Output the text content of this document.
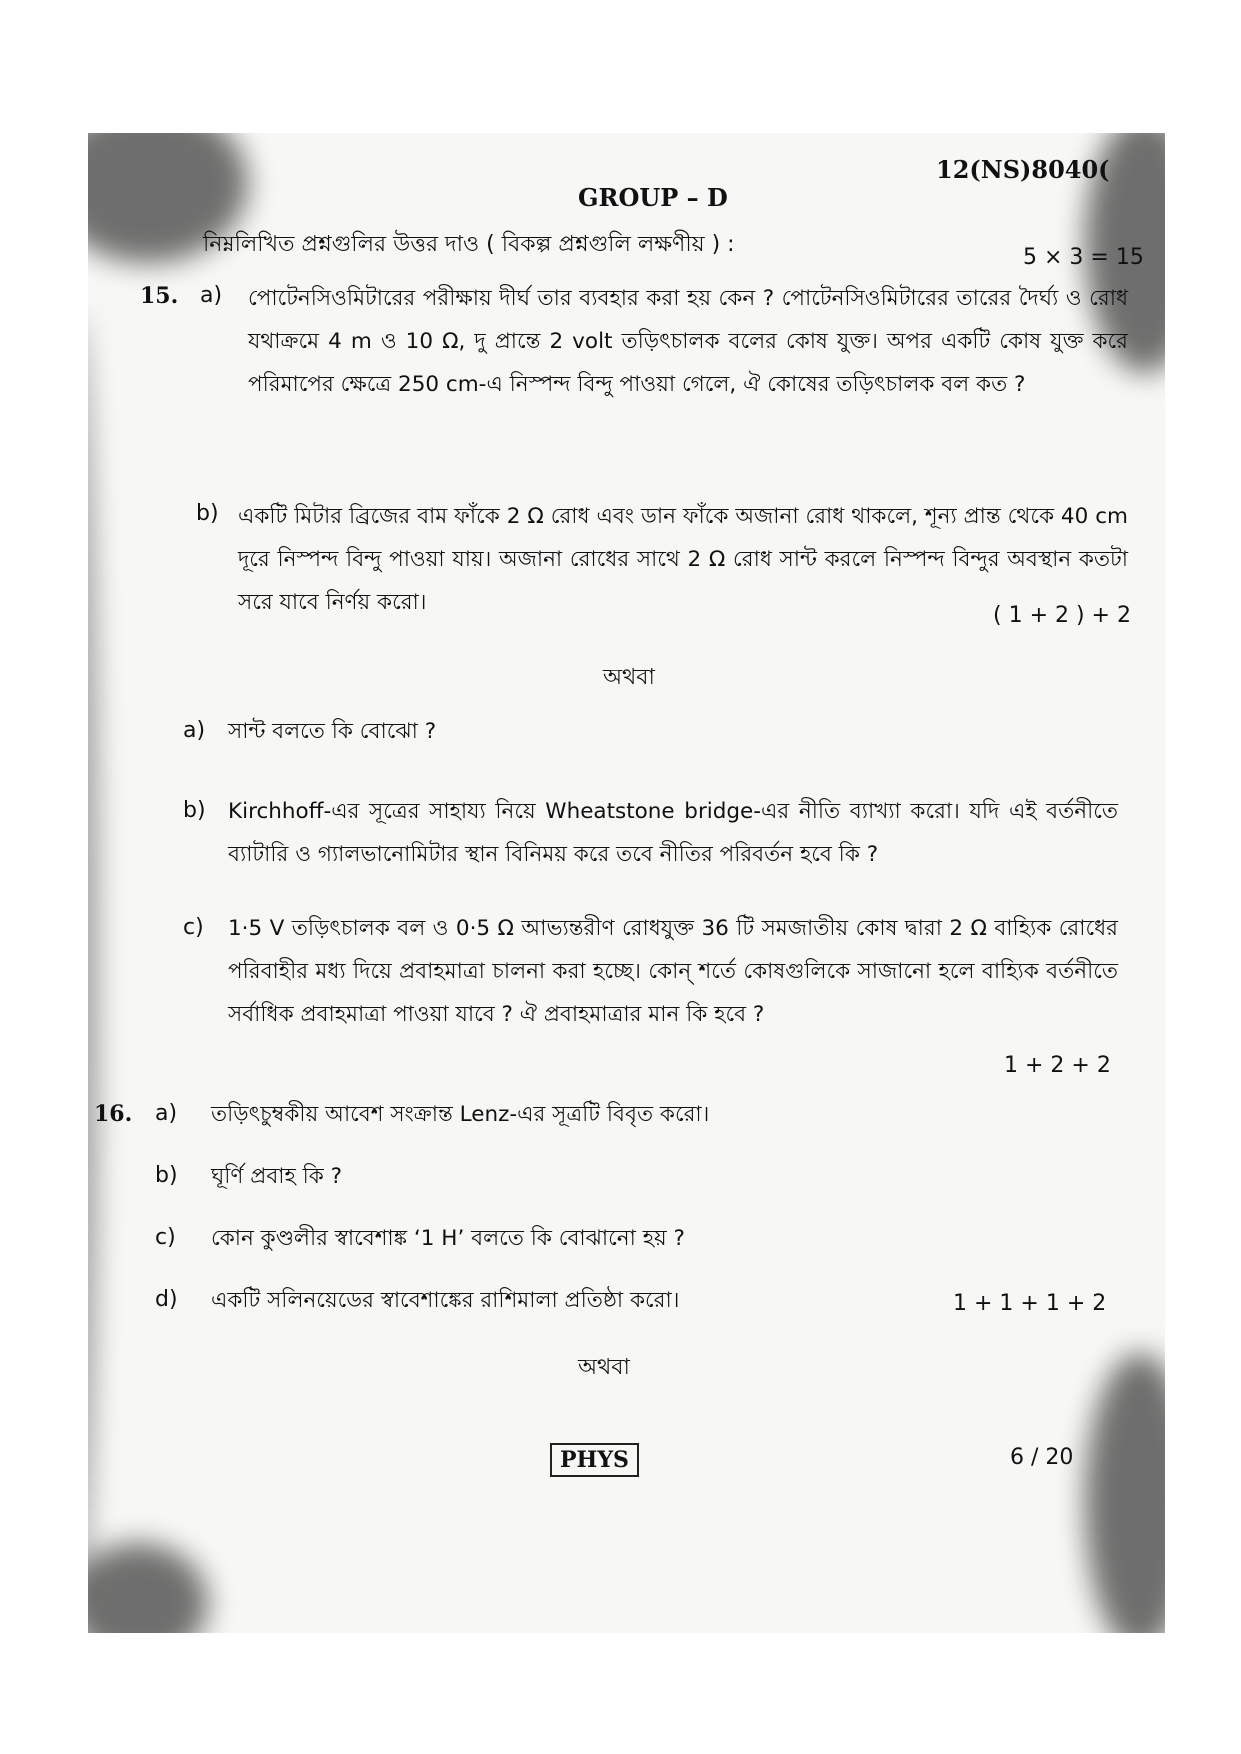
12(NS)8040(
GROUP – D
নিম্নলিখিত প্রশ্নগুলির উত্তর দাও ( বিকল্প প্রশ্নগুলি লক্ষণীয় ) :
5 × 3 = 15
15. a) পোটেনসিওমিটারের পরীক্ষায় দীর্ঘ তার ব্যবহার করা হয় কেন ? পোটেনসিওমিটারের তারের দৈর্ঘ্য ও রোধ যথাক্রমে 4 m ও 10 Ω, দু প্রান্তে 2 volt তড়িৎচালক বলের কোষ যুক্ত। অপর একটি কোষ যুক্ত করে পরিমাপের ক্ষেত্রে 250 cm-এ নিস্পন্দ বিন্দু পাওয়া গেলে, ঐ কোষের তড়িৎচালক বল কত ?
b) একটি মিটার ব্রিজের বাম ফাঁকে 2 Ω রোধ এবং ডান ফাঁকে অজানা রোধ থাকলে, শূন্য প্রান্ত থেকে 40 cm দূরে নিস্পন্দ বিন্দু পাওয়া যায়। অজানা রোধের সাথে 2 Ω রোধ সান্ট করলে নিস্পন্দ বিন্দুর অবস্থান কতটা সরে যাবে নির্ণয় করো।
( 1 + 2 ) + 2
অথবা
a) সান্ট বলতে কি বোঝো ?
b) Kirchhoff-এর সূত্রের সাহায্য নিয়ে Wheatstone bridge-এর নীতি ব্যাখ্যা করো। যদি এই বর্তনীতে ব্যাটারি ও গ্যালভানোমিটার স্থান বিনিময় করে তবে নীতির পরিবর্তন হবে কি ?
c) 1·5 V তড়িৎচালক বল ও 0·5 Ω আভ্যন্তরীণ রোধযুক্ত 36 টি সমজাতীয় কোষ দ্বারা 2 Ω বাহ্যিক রোধের পরিবাহীর মধ্য দিয়ে প্রবাহমাত্রা চালনা করা হচ্ছে। কোন্ শর্তে কোষগুলিকে সাজানো হলে বাহ্যিক বর্তনীতে সর্বাধিক প্রবাহমাত্রা পাওয়া যাবে ? ঐ প্রবাহমাত্রার মান কি হবে ?
1 + 2 + 2
16. a) তড়িৎচুম্বকীয় আবেশ সংক্রান্ত Lenz-এর সূত্রটি বিবৃত করো।
b) ঘূর্ণি প্রবাহ কি ?
c) কোন কুণ্ডলীর স্বাবেশাঙ্ক ‘1 H’ বলতে কি বোঝানো হয় ?
d) একটি সলিনয়েডের স্বাবেশাঙ্কের রাশিমালা প্রতিষ্ঠা করো।	1 + 1 + 1 + 2
অথবা
PHYS	6 / 20
